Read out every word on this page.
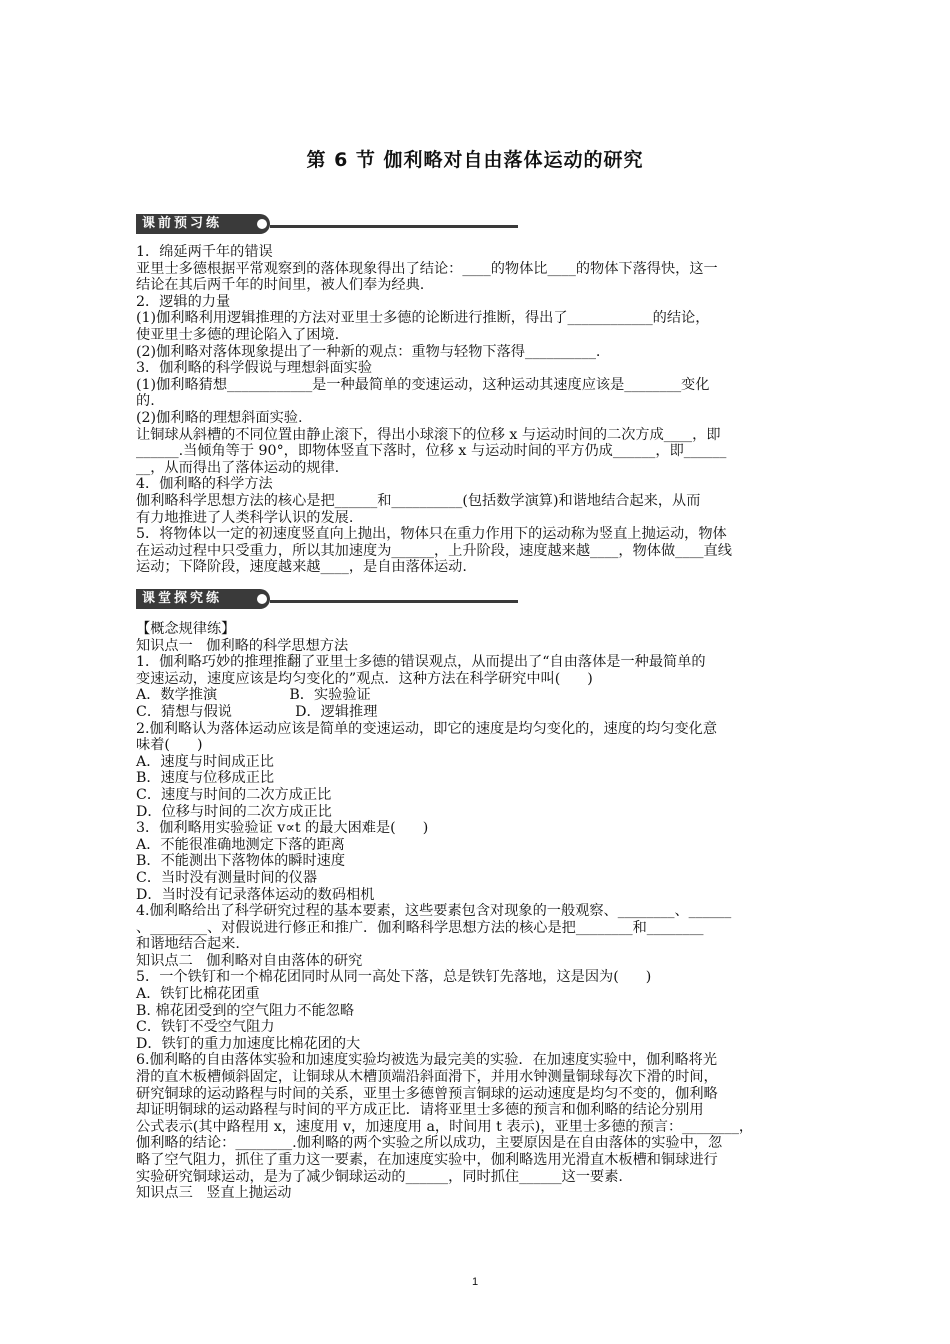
第 6 节 伽利略对自由落体运动的研究
课前预习练
1．绵延两千年的错误
亚里士多德根据平常观察到的落体现象得出了结论：____的物体比____的物体下落得快，这一
结论在其后两千年的时间里，被人们奉为经典.
2．逻辑的力量
(1)伽利略利用逻辑推理的方法对亚里士多德的论断进行推断，得出了____________的结论，
使亚里士多德的理论陷入了困境.
(2)伽利略对落体现象提出了一种新的观点：重物与轻物下落得__________.
3．伽利略的科学假说与理想斜面实验
(1)伽利略猜想____________是一种最简单的变速运动，这种运动其速度应该是________变化
的.
(2)伽利略的理想斜面实验.
让铜球从斜槽的不同位置由静止滚下，得出小球滚下的位移 x 与运动时间的二次方成____，即
______.当倾角等于 90°，即物体竖直下落时，位移 x 与运动时间的平方仍成______，即______
__，从而得出了落体运动的规律.
4．伽利略的科学方法
伽利略科学思想方法的核心是把______和__________(包括数学演算)和谐地结合起来，从而
有力地推进了人类科学认识的发展.
5．将物体以一定的初速度竖直向上抛出，物体只在重力作用下的运动称为竖直上抛运动，物体
在运动过程中只受重力，所以其加速度为______，上升阶段，速度越来越____，物体做____直线
运动；下降阶段，速度越来越____，是自由落体运动.
课堂探究练
【概念规律练】
知识点一   伽利略的科学思想方法
1．伽利略巧妙的推理推翻了亚里士多德的错误观点，从而提出了“自由落体是一种最简单的
变速运动，速度应该是均匀变化的”观点．这种方法在科学研究中叫(      )
A．数学推演                B．实验验证
C．猜想与假说              D．逻辑推理
2.伽利略认为落体运动应该是简单的变速运动，即它的速度是均匀变化的，速度的均匀变化意
味着(      )
A．速度与时间成正比
B．速度与位移成正比
C．速度与时间的二次方成正比
D．位移与时间的二次方成正比
3．伽利略用实验验证 v∝t 的最大困难是(      )
A．不能很准确地测定下落的距离
B．不能测出下落物体的瞬时速度
C．当时没有测量时间的仪器
D．当时没有记录落体运动的数码相机
4.伽利略给出了科学研究过程的基本要素，这些要素包含对现象的一般观察、________、______
、________、对假说进行修正和推广．伽利略科学思想方法的核心是把________和________
和谐地结合起来.
知识点二   伽利略对自由落体的研究
5．一个铁钉和一个棉花团同时从同一高处下落，总是铁钉先落地，这是因为(      )
A．铁钉比棉花团重
B. 棉花团受到的空气阻力不能忽略
C．铁钉不受空气阻力
D．铁钉的重力加速度比棉花团的大
6.伽利略的自由落体实验和加速度实验均被选为最完美的实验．在加速度实验中，伽利略将光
滑的直木板槽倾斜固定，让铜球从木槽顶端沿斜面滑下，并用水钟测量铜球每次下滑的时间，
研究铜球的运动路程与时间的关系，亚里士多德曾预言铜球的运动速度是均匀不变的，伽利略
却证明铜球的运动路程与时间的平方成正比．请将亚里士多德的预言和伽利略的结论分别用
公式表示(其中路程用 x，速度用 v，加速度用 a，时间用 t 表示)，亚里士多德的预言：________，
伽利略的结论：________.伽利略的两个实验之所以成功，主要原因是在自由落体的实验中，忽
略了空气阻力，抓住了重力这一要素，在加速度实验中，伽利略选用光滑直木板槽和铜球进行
实验研究铜球运动，是为了减少铜球运动的______，同时抓住______这一要素.
知识点三   竖直上抛运动
1
